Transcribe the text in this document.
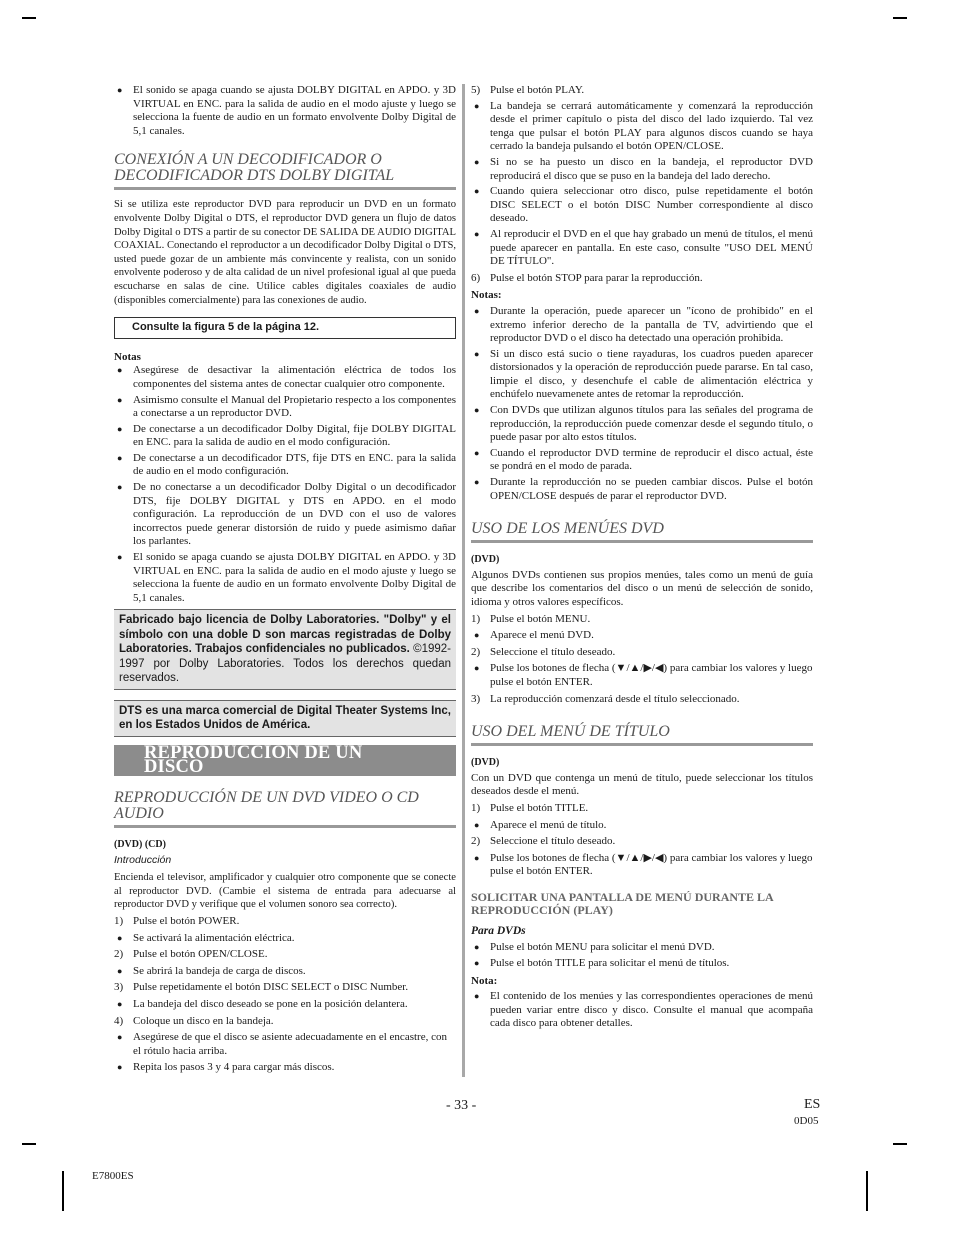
● El sonido se apaga cuando se ajusta DOLBY DIGITAL en APDO. y 3D VIRTUAL en ENC. para la salida de audio en el modo ajuste y luego se selecciona la fuente de audio en un formato envolvente Dolby Digital de 5,1 canales.
CONEXIÓN A UN DECODIFICADOR O DECODIFICADOR DTS DOLBY DIGITAL

Si se utiliza este reproductor DVD para reproducir un DVD en un formato envolvente Dolby Digital o DTS, el reproductor DVD genera un flujo de datos Dolby Digital o DTS a partir de su conector DE SALIDA DE AUDIO DIGITAL COAXIAL. Conectando el reproductor a un decodificador Dolby Digital o DTS, usted puede gozar de un ambiente más convincente y realista, con un sonido envolvente poderoso y de alta calidad de un nivel profesional igual al que pueda escucharse en salas de cine. Utilice cables digitales coaxiales de audio (disponibles comercialmente) para las conexiones de audio.

Consulte la figura 5 de la página 12.
Notas
● Asegúrese de desactivar la alimentación eléctrica de todos los componentes del sistema antes de conectar cualquier otro componente.
● Asimismo consulte el Manual del Propietario respecto a los componentes a conectarse a un reproductor DVD.
● De conectarse a un decodificador Dolby Digital, fije DOLBY DIGITAL en ENC. para la salida de audio en el modo configuración.
● De conectarse a un decodificador DTS, fije DTS en ENC. para la salida de audio en el modo configuración.
● De no conectarse a un decodificador Dolby Digital o un decodificador DTS, fije DOLBY DIGITAL y DTS en APDO. en el modo configuración. La reproducción de un DVD con el uso de valores incorrectos puede generar distorsión de ruido y puede asimismo dañar los parlantes.
● El sonido se apaga cuando se ajusta DOLBY DIGITAL en APDO. y 3D VIRTUAL en ENC. para la salida de audio en el modo ajuste y luego se selecciona la fuente de audio en un formato envolvente Dolby Digital de 5,1 canales.
Fabricado bajo licencia de Dolby Laboratories. "Dolby" y el símbolo con una doble D son marcas registradas de Dolby Laboratories. Trabajos confidenciales no publicados. ©1992-1997 por Dolby Laboratories. Todos los derechos quedan reservados.
DTS es una marca comercial de Digital Theater Systems Inc, en los Estados Unidos de América.
REPRODUCCIÓN DE UN DISCO
REPRODUCCIÓN DE UN DVD VIDEO O CD AUDIO
(DVD) (CD)
Introducción

Encienda el televisor, amplificador y cualquier otro componente que se conecte al reproductor DVD. (Cambie el sistema de entrada para adecuarse al reproductor DVD y verifique que el volumen sonoro sea correcto).

1) Pulse el botón POWER.
● Se activará la alimentación eléctrica.
2) Pulse el botón OPEN/CLOSE.
● Se abrirá la bandeja de carga de discos.
3) Pulse repetidamente el botón DISC SELECT o DISC Number.
● La bandeja del disco deseado se pone en la posición delantera.
4) Coloque un disco en la bandeja.
● Asegúrese de que el disco se asiente adecuadamente en el encastre, con el rótulo hacia arriba.
● Repita los pasos 3 y 4 para cargar más discos.
5) Pulse el botón PLAY.
● La bandeja se cerrará automáticamente y comenzará la reproducción desde el primer capítulo o pista del disco del lado izquierdo. Tal vez tenga que pulsar el botón PLAY para algunos discos cuando se haya cerrado la bandeja pulsando el botón OPEN/CLOSE.
● Si no se ha puesto un disco en la bandeja, el reproductor DVD reproducirá el disco que se puso en la bandeja del lado derecho.
● Cuando quiera seleccionar otro disco, pulse repetidamente el botón DISC SELECT o el botón DISC Number correspondiente al disco deseado.
● Al reproducir el DVD en el que hay grabado un menú de títulos, el menú puede aparecer en pantalla. En este caso, consulte "USO DEL MENÚ DE TÍTULO".
6) Pulse el botón STOP para parar la reproducción.
Notas:
● Durante la operación, puede aparecer un "ícono de prohibido" en el extremo inferior derecho de la pantalla de TV, advirtiendo que el reproductor DVD o el disco ha detectado una operación prohibida.
● Si un disco está sucio o tiene rayaduras, los cuadros pueden aparecer distorsionados y la operación de reproducción puede pararse. En tal caso, limpie el disco, y desenchufe el cable de alimentación eléctrica y enchúfelo nuevamenete antes de retomar la reproducción.
● Con DVDs que utilizan algunos títulos para las señales del programa de reproducción, la reproducción puede comenzar desde el segundo título, o puede pasar por alto estos títulos.
● Cuando el reproductor DVD termine de reproducir el disco actual, éste se pondrá en el modo de parada.
● Durante la reproducción no se pueden cambiar discos. Pulse el botón OPEN/CLOSE después de parar el reproductor DVD.
USO DE LOS MENÚES DVD
(DVD)

Algunos DVDs contienen sus propios menúes, tales como un menú de guía que describe los comentarios del disco o un menú de selección de sonido, idioma y otros valores específicos.

1) Pulse el botón MENU.
● Aparece el menú DVD.
2) Seleccione el título deseado.
● Pulse los botones de flecha (▼/▲/▶/◀) para cambiar los valores y luego pulse el botón ENTER.
3) La reproducción comenzará desde el título seleccionado.
USO DEL MENÚ DE TÍTULO
(DVD)

Con un DVD que contenga un menú de título, puede seleccionar los títulos deseados desde el menú.

1) Pulse el botón TITLE.
● Aparece el menú de título.
2) Seleccione el título deseado.
● Pulse los botones de flecha (▼/▲/▶/◀) para cambiar los valores y luego pulse el botón ENTER.
SOLICITAR UNA PANTALLA DE MENÚ DURANTE LA REPRODUCCIÓN (PLAY)
Para DVDs
● Pulse el botón MENU para solicitar el menú DVD.
● Pulse el botón TITLE para solicitar el menú de títulos.
Nota:
● El contenido de los menúes y las correspondientes operaciones de menú pueden variar entre disco y disco. Consulte el manual que acompaña cada disco para obtener detalles.
- 33 -	ES
0D05
E7800ES
